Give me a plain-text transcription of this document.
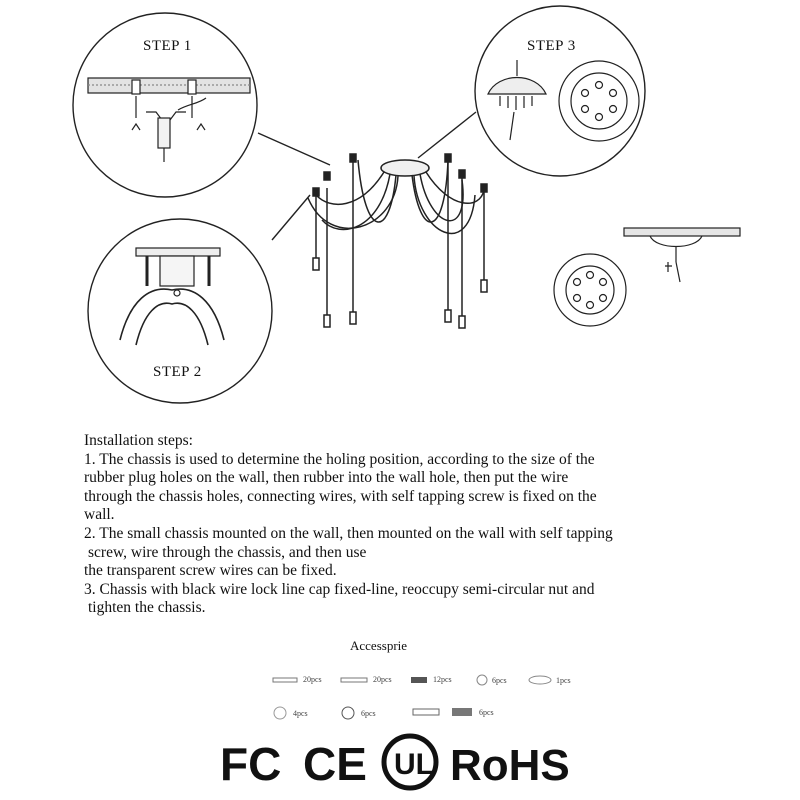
STEP 1
STEP 2
STEP 3
Installation steps:
1. The chassis is used to determine the holing position, according to the size of the
rubber plug holes on the wall, then rubber into the wall hole, then put the wire
through the chassis holes, connecting wires, with self tapping screw is fixed on the
wall.
2. The small chassis mounted on the wall, then mounted on the wall with self tapping
screw, wire through the chassis, and then use
the transparent screw wires can be fixed.
3. Chassis with black wire lock line cap fixed-line, reoccupy semi-circular nut and
tighten the chassis.
Accessprie
20pcs	20pcs	12pcs	6pcs	1pcs
4pcs	6pcs	6pcs
FC CE UL RoHS
